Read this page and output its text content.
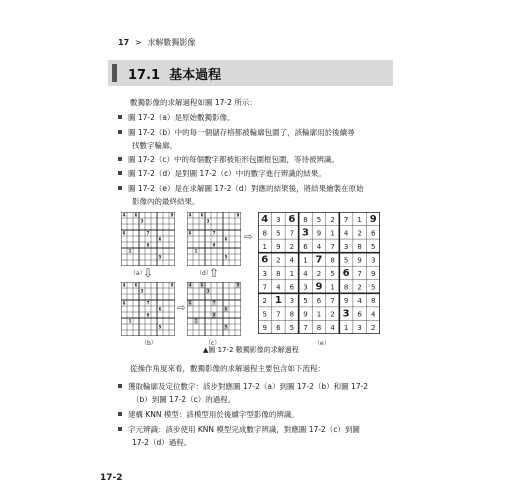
17 > 求解數獨影像
17.1 基本過程
數獨影像的求解過程如圖 17-2 所示：
圖 17-2（a）是原始數獨影像。
圖 17-2（b）中的每一個儲存格都被輪廓包圍了，該輪廓用於後續尋
找數字輪廓。
圖 17-2（c）中的每個數字都被矩形包圍框包圍，等待被辨識。
圖 17-2（d）是對圖 17-2（c）中的數字進行辨識的結果。
圖 17-2（e）是在求解圖 17-2（d）對應的結果後，將結果繪製在原始
影像內的最終結果。
4 6	9
3
6	7
6
9
1
5
4 6	9
3
6	7
6
9
1
5
4 6	9
3
6	7
6
9
1
5
4 6	9
3
6	7
6
9
1
5
4 3 6 8 5 2 7 1 9
8 5 7 3 9 1 4 2 6
1 9 2 6 4 7 3 8 5
6 2 4 1 7 8 5 9 3
3 8 1 4 2 5 6 7 9
7 4 6 3 9 1 8 2 5
2 1 3 5 6 7 9 4 8
5 7 8 9 1 2 3 6 4
9 6 5 7 8 4 1 3 2
（a）	（d）
（b）	（c）	（e）
⇩	⇧
⇨
⇨
▲圖 17-2 數獨影像的求解過程
從操作角度來看，數獨影像的求解過程主要包含如下流程：
獲取輪廓及定位數字：該步對應圖 17-2（a）到圖 17-2（b）和圖 17-2
（b）到圖 17-2（c）的過程。
建構 KNN 模型：該模型用於後續字型影像的辨識。
字元辨識：該步使用 KNN 模型完成數字辨識，對應圖 17-2（c）到圖
17-2（d）過程。
17-2
